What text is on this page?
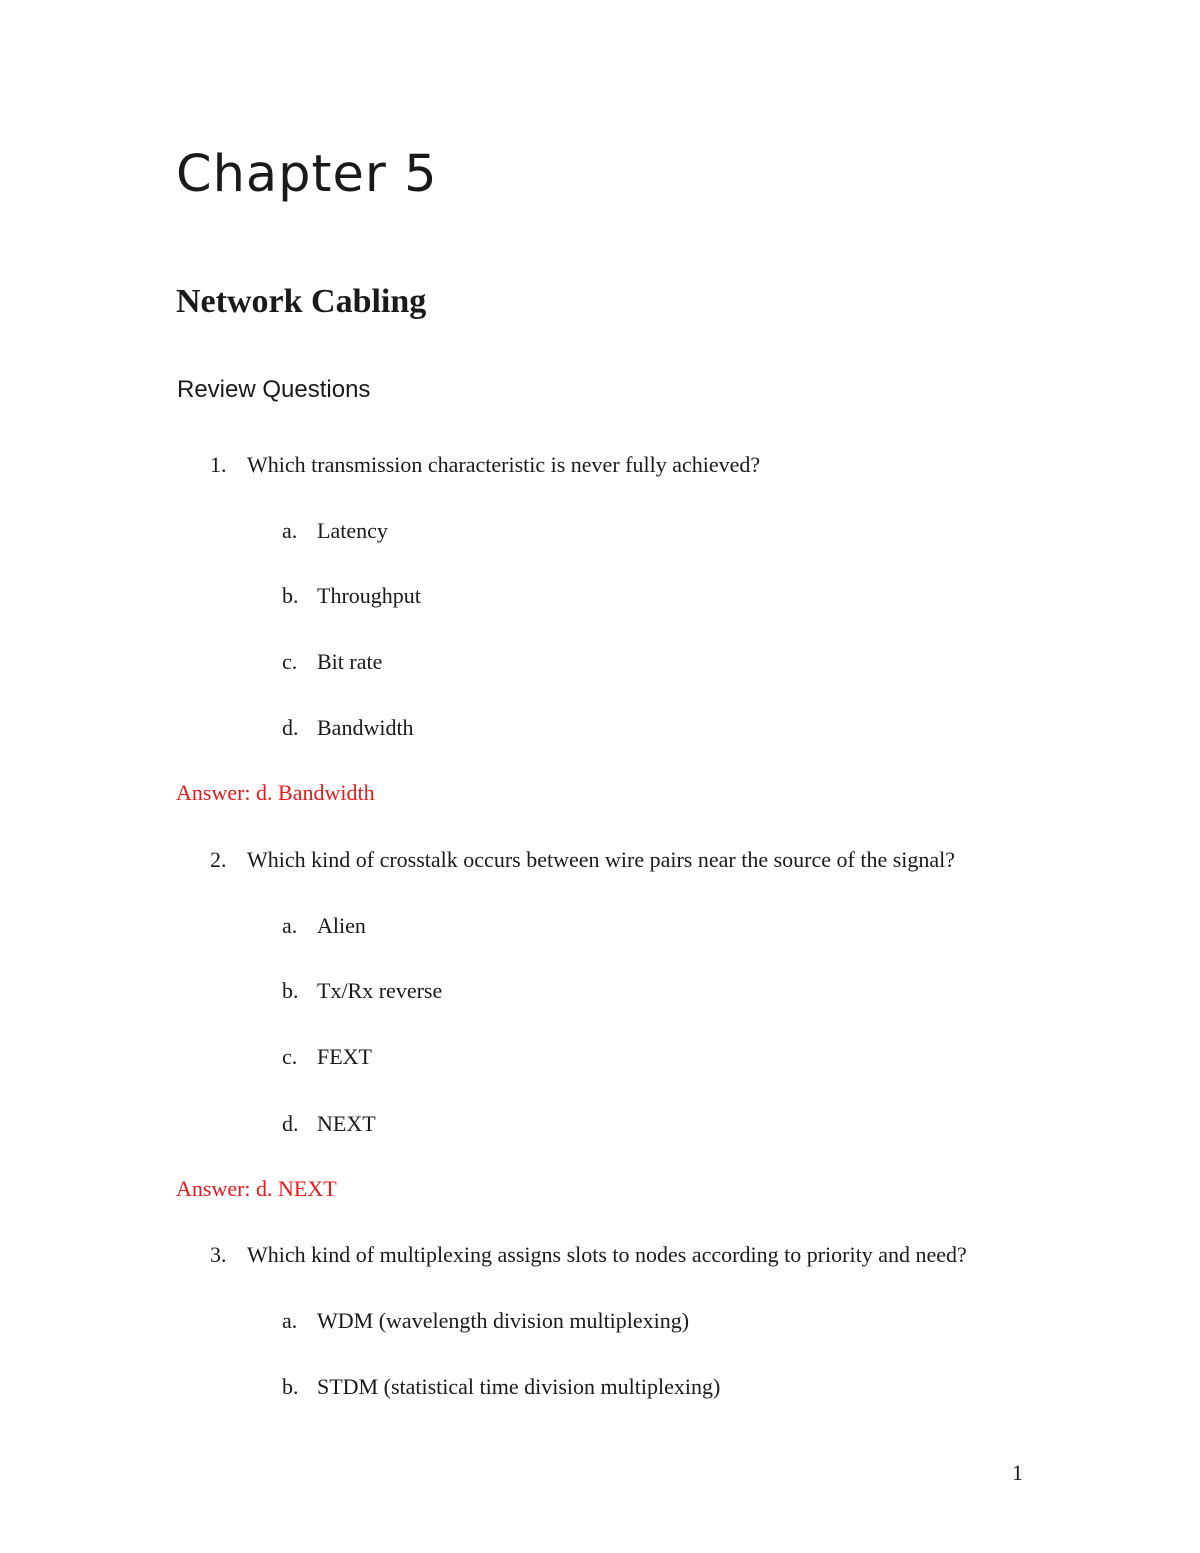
Chapter 5
Network Cabling
Review Questions
1. Which transmission characteristic is never fully achieved?
a. Latency
b. Throughput
c. Bit rate
d. Bandwidth
Answer: d. Bandwidth
2. Which kind of crosstalk occurs between wire pairs near the source of the signal?
a. Alien
b. Tx/Rx reverse
c. FEXT
d. NEXT
Answer: d. NEXT
3. Which kind of multiplexing assigns slots to nodes according to priority and need?
a. WDM (wavelength division multiplexing)
b. STDM (statistical time division multiplexing)
1
